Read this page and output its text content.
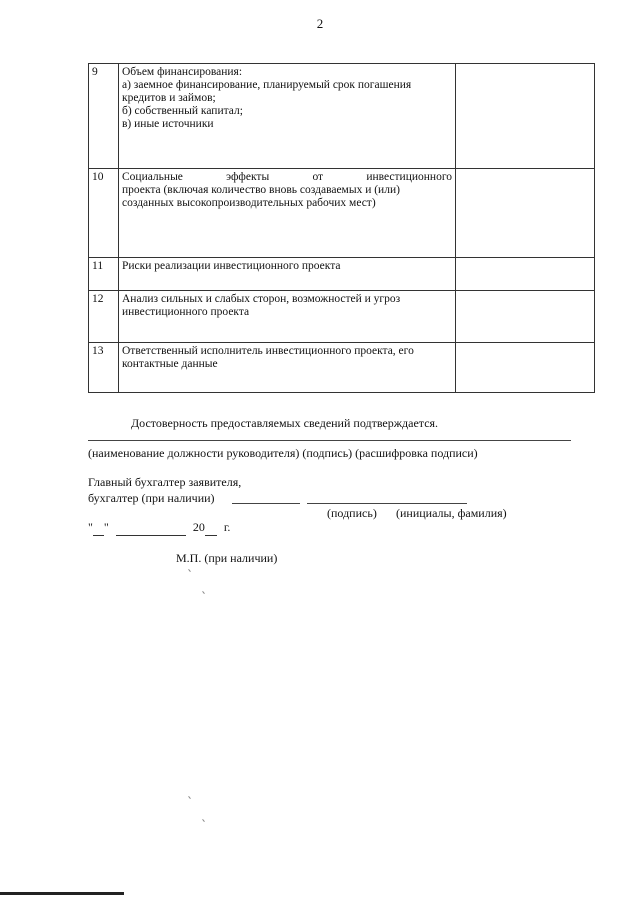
2
9	Объем финансирования:
а) заемное финансирование, планируемый срок погашения
кредитов и займов;
б) собственный капитал;
в) иные источники	

10	Социальные эффекты от инвестиционного
проекта (включая количество вновь создаваемых и (или)
созданных высокопроизводительных рабочих мест)	

11	Риски реализации инвестиционного проекта	

12	Анализ сильных и слабых сторон, возможностей и угроз
инвестиционного проекта	

13	Ответственный исполнитель инвестиционного проекта, его
контактные данные	

Достоверность предоставляемых сведений подтверждается.
(наименование должности руководителя) (подпись) (расшифровка подписи)
Главный бухгалтер заявителя,
бухгалтер (при наличии)
(подпись) (инициалы, фамилия)
" "	20 г.
М.П. (при наличии)
